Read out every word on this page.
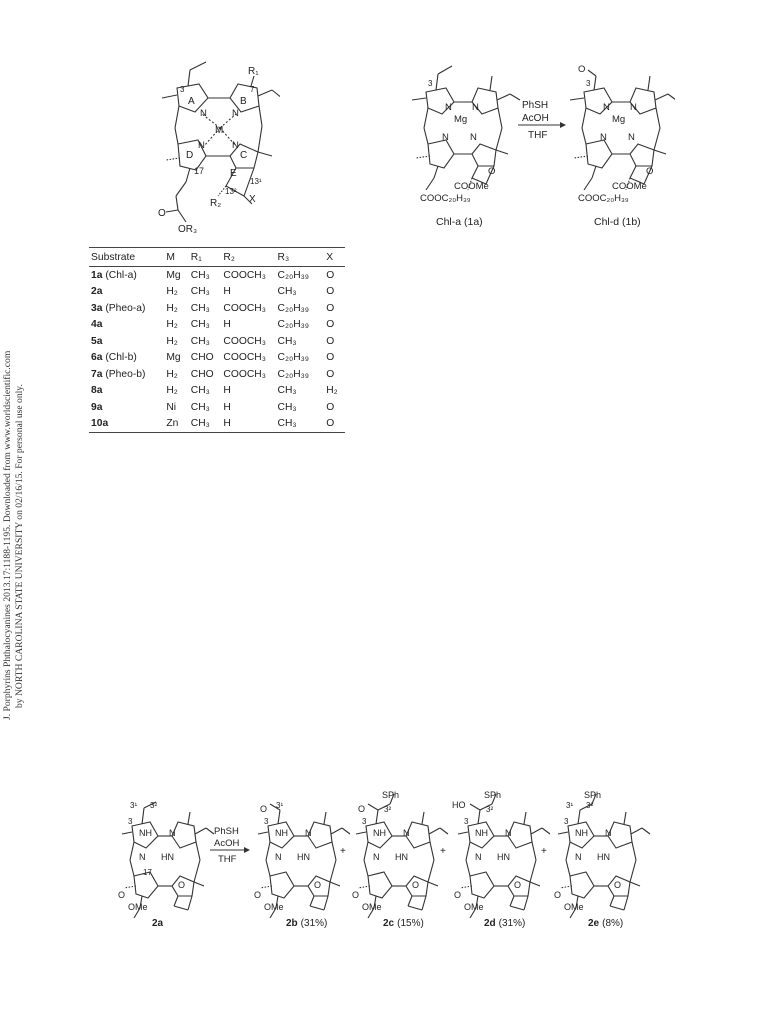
J. Porphyrins Phthalocyanines 2013.17:1188-1195. Downloaded from www.worldscientific.com by NORTH CAROLINA STATE UNIVERSITY on 02/16/15. For personal use only.
R₁
A	B
C
D
E
M
N	N
N	N
3	7
17
13²
13¹
R₂	X
O
OR₃
Substrate	M	R₁	R₂	R₃	X
1a (Chl-a)	Mg	CH₃	COOCH₃	C₂₀H₃₉	O
2a	H₂	CH₃	H	CH₃	O
3a (Pheo-a)	H₂	CH₃	COOCH₃	C₂₀H₃₉	O
4a	H₂	CH₃	H	C₂₀H₃₉	O
5a	H₂	CH₃	COOCH₃	CH₃	O
6a (Chl-b)	Mg	CHO	COOCH₃	C₂₀H₃₉	O
7a (Pheo-b)	H₂	CHO	COOCH₃	C₂₀H₃₉	O
8a	H₂	CH₃	H	CH₃	H₂
9a	Ni	CH₃	H	CH₃	O
10a	Zn	CH₃	H	CH₃	O
3
N
Mg
N
N N
O
COOMe
COOC₂₀H₃₉
Chl-a (1a)
PhSH
AcOH
THF
O
3
N
Mg
N
N N
O
COOMe
COOC₂₀H₃₉
Chl-d (1b)
3¹ 3²
3
NH N
N HN
17
O
O
OMe
2a
PhSH
AcOH
THF
O 3¹
3
NH N
N HN
O
O
OMe
2b (31%)
+
SPh
O 3²
3
NH N
N HN
O
O
OMe
2c (15%)
+
SPh
HO	3²
3
NH N
N HN
O
O
OMe
2d (31%)
+
SPh
3¹ 3²
3
NH N
N HN
O
O
OMe
2e (8%)
